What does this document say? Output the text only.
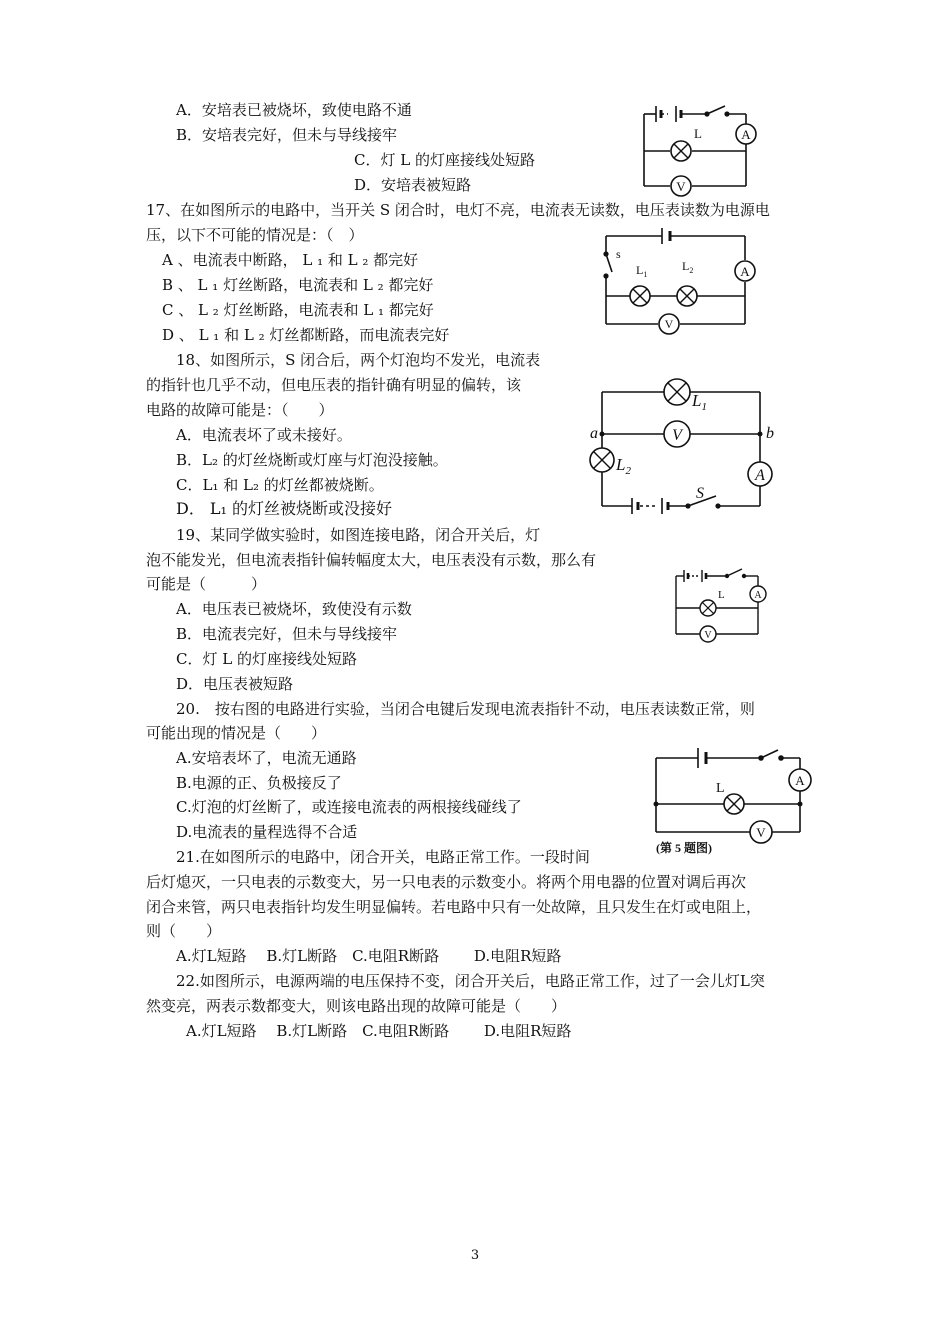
A．安培表已被烧坏，致使电路不通
B．安培表完好，但未与导线接牢
C．灯 L 的灯座接线处短路
D．安培表被短路
17、在如图所示的电路中，当开关 S 闭合时，电灯不亮，电流表无读数，电压表读数为电源电
压，以下不可能的情况是：（　）
A 、电流表中断路， L ₁ 和 L ₂ 都完好
B 、 L ₁ 灯丝断路，电流表和 L ₂ 都完好
C 、 L ₂ 灯丝断路，电流表和 L ₁ 都完好
D 、 L ₁ 和 L ₂ 灯丝都断路，而电流表完好
18、如图所示，S 闭合后，两个灯泡均不发光，电流表
的指针也几乎不动，但电压表的指针确有明显的偏转，该
电路的故障可能是：（　　）
A．电流表坏了或未接好。
B．L₂ 的灯丝烧断或灯座与灯泡没接触。
C．L₁ 和 L₂ 的灯丝都被烧断。
D． L₁ 的灯丝被烧断或没接好
19、某同学做实验时，如图连接电路，闭合开关后，灯
泡不能发光，但电流表指针偏转幅度太大，电压表没有示数，那么有
可能是（　　　）
A．电压表已被烧坏，致使没有示数
B．电流表完好，但未与导线接牢
C．灯 L 的灯座接线处短路
D．电压表被短路
20.　按右图的电路进行实验，当闭合电键后发现电流表指针不动，电压表读数正常，则
可能出现的情况是（　　）
A.安培表坏了，电流无通路
B.电源的正、负极接反了
C.灯泡的灯丝断了，或连接电流表的两根接线碰线了
D.电流表的量程选得不合适
21.在如图所示的电路中，闭合开关，电路正常工作。一段时间
后灯熄灭，一只电表的示数变大，另一只电表的示数变小。将两个用电器的位置对调后再次
闭合来管，两只电表指针均发生明显偏转。若电路中只有一处故障，且只发生在灯或电阻上，
则（　　）
A.灯L短路　 B.灯L断路　C.电阻R断路　　 D.电阻R短路
22.如图所示，电源两端的电压保持不变，闭合开关后，电路正常工作，过了一会儿灯L突
然变亮，两表示数都变大，则该电路出现的故障可能是（　　）
A.灯L短路　 B.灯L断路　C.电阻R断路　　 D.电阻R短路
3
A
L
V
s
$L_1$
$L_2$	A
V
$L_1$
V
a	b
$L_2$	A
S
A
L
V
A
L
V
(第 5 题图)
